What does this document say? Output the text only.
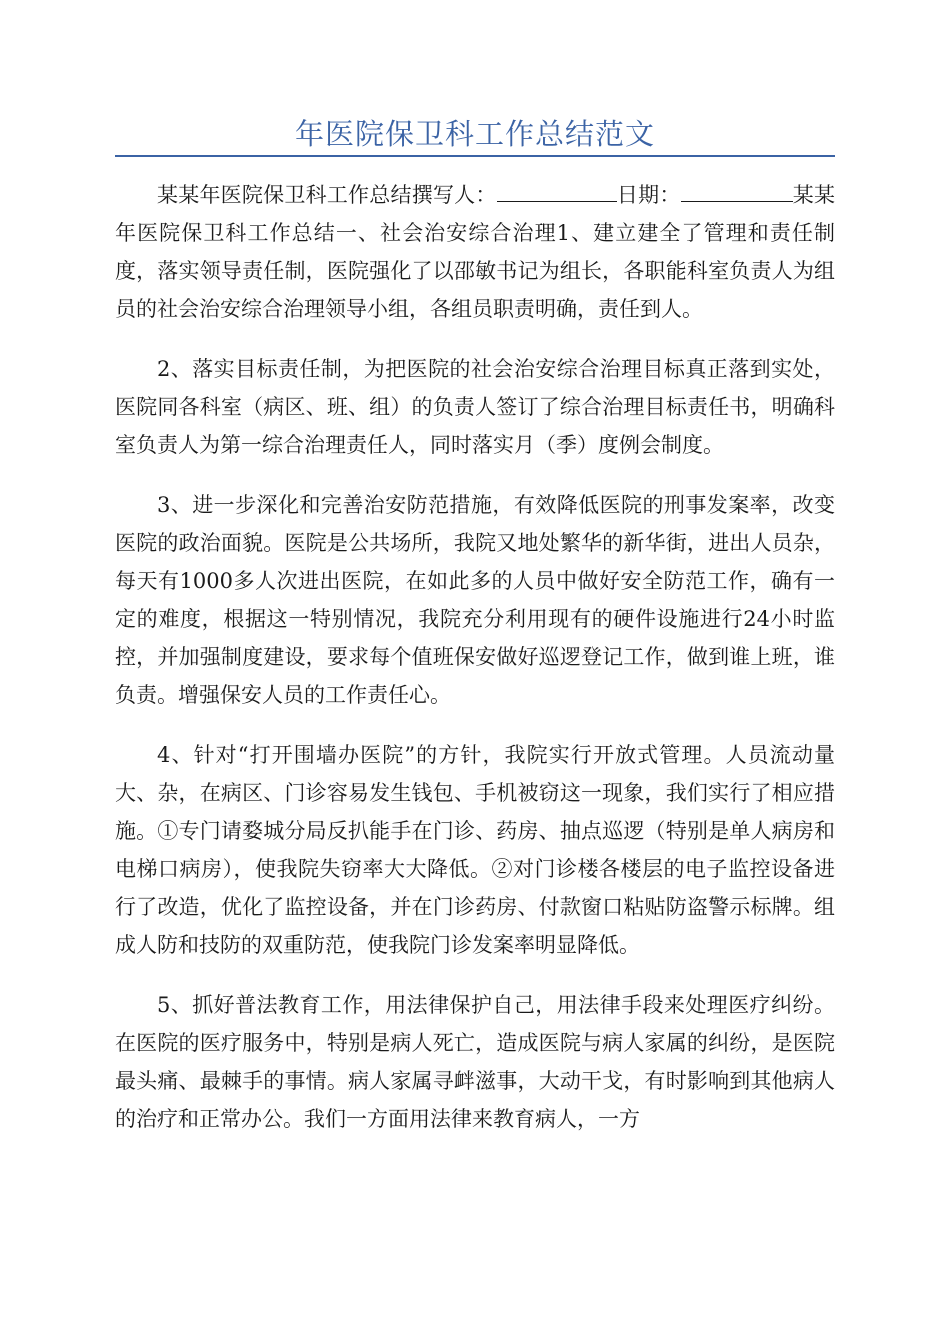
年医院保卫科工作总结范文

某某年医院保卫科工作总结撰写人：	日期：	某某年医院保卫科工作总结一、社会治安综合治理1、建立建全了管理和责任制度，落实领导责任制，医院强化了以邵敏书记为组长，各职能科室负责人为组员的社会治安综合治理领导小组，各组员职责明确，责任到人。

2、落实目标责任制，为把医院的社会治安综合治理目标真正落到实处，医院同各科室（病区、班、组）的负责人签订了综合治理目标责任书，明确科室负责人为第一综合治理责任人，同时落实月（季）度例会制度。

3、进一步深化和完善治安防范措施，有效降低医院的刑事发案率，改变医院的政治面貌。医院是公共场所，我院又地处繁华的新华街，进出人员杂，每天有1000多人次进出医院，在如此多的人员中做好安全防范工作，确有一定的难度，根据这一特别情况，我院充分利用现有的硬件设施进行24小时监控，并加强制度建设，要求每个值班保安做好巡逻登记工作，做到谁上班，谁负责。增强保安人员的工作责任心。

4、针对“打开围墙办医院”的方针，我院实行开放式管理。人员流动量大、杂，在病区、门诊容易发生钱包、手机被窃这一现象，我们实行了相应措施。①专门请婺城分局反扒能手在门诊、药房、抽点巡逻（特别是单人病房和电梯口病房），使我院失窃率大大降低。②对门诊楼各楼层的电子监控设备进行了改造，优化了监控设备，并在门诊药房、付款窗口粘贴防盗警示标牌。组成人防和技防的双重防范，使我院门诊发案率明显降低。

5、抓好普法教育工作，用法律保护自己，用法律手段来处理医疗纠纷。在医院的医疗服务中，特别是病人死亡，造成医院与病人家属的纠纷，是医院最头痛、最棘手的事情。病人家属寻衅滋事，大动干戈，有时影响到其他病人的治疗和正常办公。我们一方面用法律来教育病人，一方
